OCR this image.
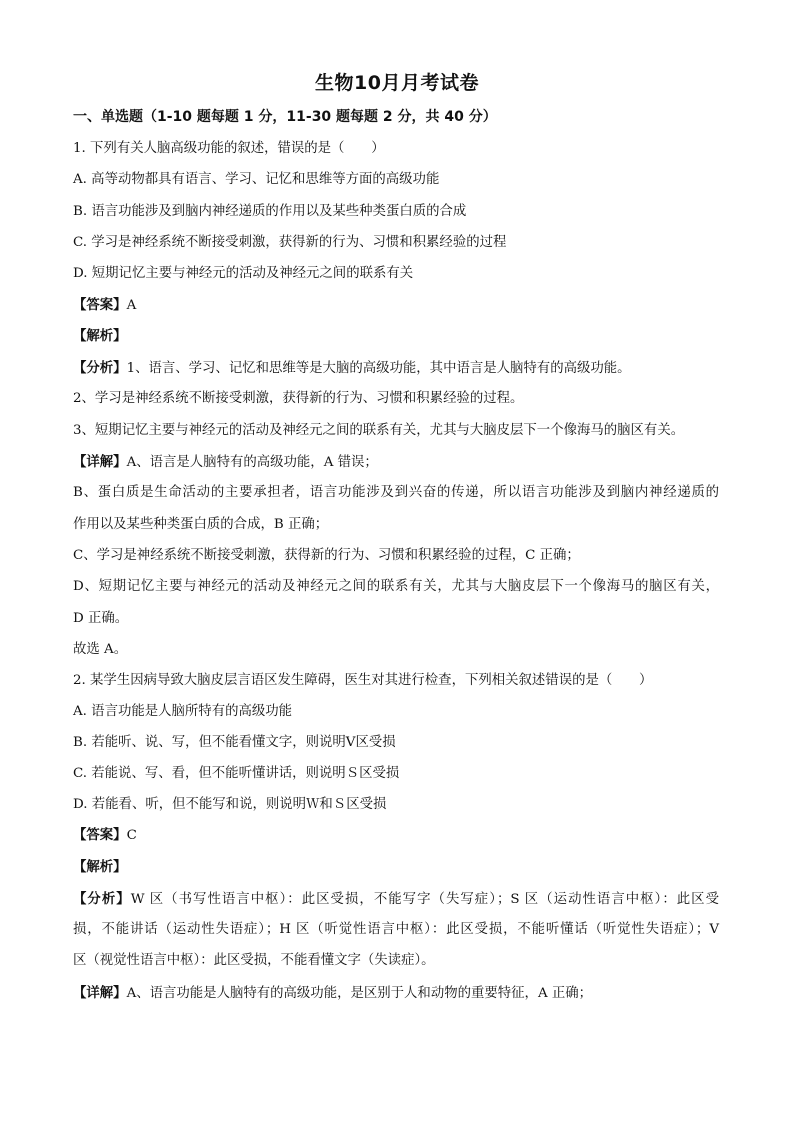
生物10月月考试卷
一、单选题（1-10 题每题 1 分，11-30 题每题 2 分，共 40 分）
1. 下列有关人脑高级功能的叙述，错误的是（　　）
A. 高等动物都具有语言、学习、记忆和思维等方面的高级功能
B. 语言功能涉及到脑内神经递质的作用以及某些种类蛋白质的合成
C. 学习是神经系统不断接受刺激，获得新的行为、习惯和积累经验的过程
D. 短期记忆主要与神经元的活动及神经元之间的联系有关
【答案】A
【解析】
【分析】1、语言、学习、记忆和思维等是大脑的高级功能，其中语言是人脑特有的高级功能。
2、学习是神经系统不断接受刺激，获得新的行为、习惯和积累经验的过程。
3、短期记忆主要与神经元的活动及神经元之间的联系有关，尤其与大脑皮层下一个像海马的脑区有关。
【详解】A、语言是人脑特有的高级功能，A 错误；
B、蛋白质是生命活动的主要承担者，语言功能涉及到兴奋的传递，所以语言功能涉及到脑内神经递质的
作用以及某些种类蛋白质的合成，B 正确；
C、学习是神经系统不断接受刺激，获得新的行为、习惯和积累经验的过程，C 正确；
D、短期记忆主要与神经元的活动及神经元之间的联系有关，尤其与大脑皮层下一个像海马的脑区有关，
D 正确。
故选 A。
2. 某学生因病导致大脑皮层言语区发生障碍，医生对其进行检查，下列相关叙述错误的是（　　）
A. 语言功能是人脑所特有的高级功能
B. 若能听、说、写，但不能看懂文字，则说明Ⅴ区受损
C. 若能说、写、看，但不能听懂讲话，则说明Ｓ区受损
D. 若能看、听，但不能写和说，则说明Ｗ和Ｓ区受损
【答案】C
【解析】
【分析】W 区（书写性语言中枢）：此区受损，不能写字（失写症）；S 区（运动性语言中枢）：此区受
损，不能讲话（运动性失语症）；H 区（听觉性语言中枢）：此区受损，不能听懂话（听觉性失语症）；V
区（视觉性语言中枢）：此区受损，不能看懂文字（失读症）。
【详解】A、语言功能是人脑特有的高级功能，是区别于人和动物的重要特征，A 正确；
